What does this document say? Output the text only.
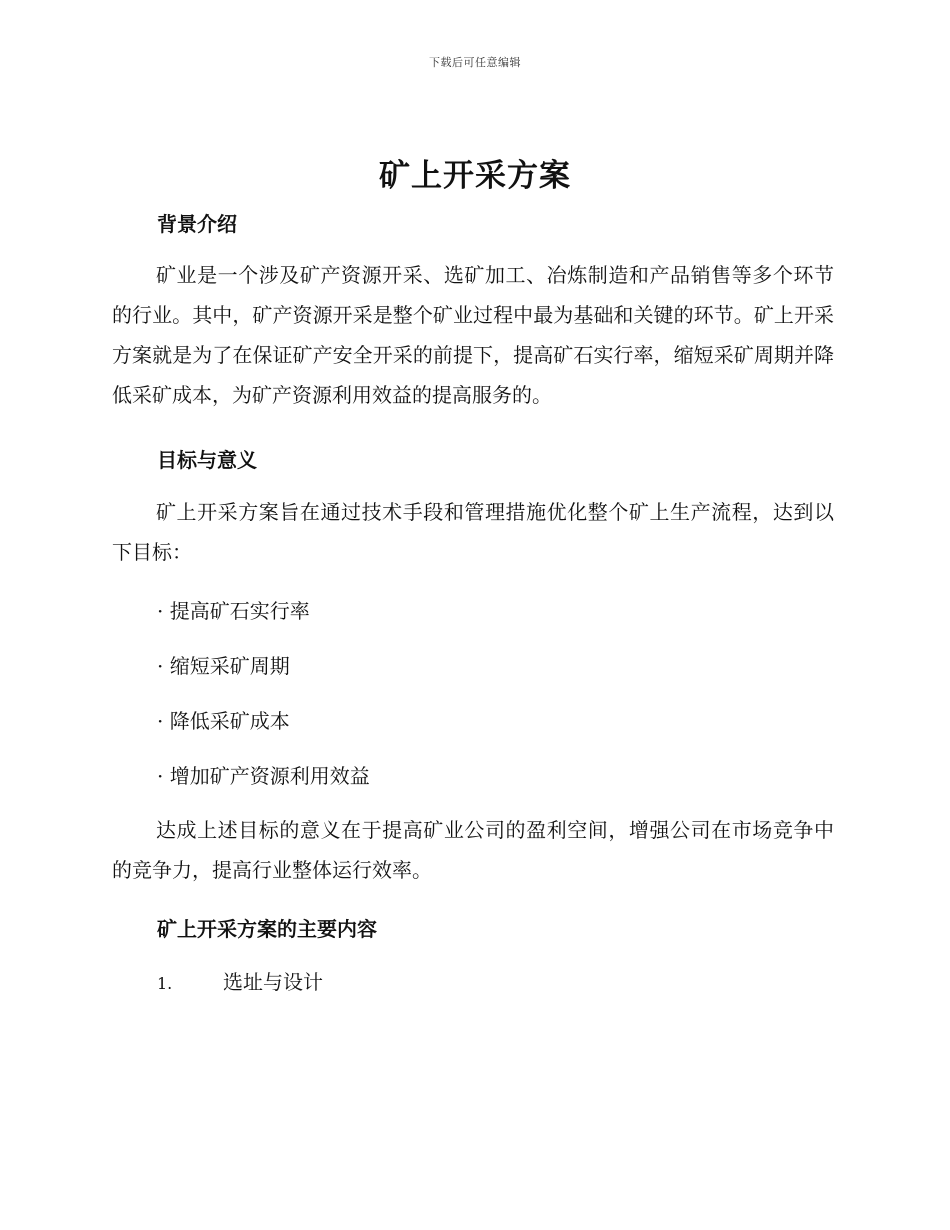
下载后可任意编辑
矿上开采方案
背景介绍
矿业是一个涉及矿产资源开采、选矿加工、冶炼制造和产品销售等多个环节的行业。其中，矿产资源开采是整个矿业过程中最为基础和关键的环节。矿上开采方案就是为了在保证矿产安全开采的前提下，提高矿石实行率，缩短采矿周期并降低采矿成本，为矿产资源利用效益的提高服务的。
目标与意义
矿上开采方案旨在通过技术手段和管理措施优化整个矿上生产流程，达到以下目标：
· 提高矿石实行率
· 缩短采矿周期
· 降低采矿成本
· 增加矿产资源利用效益
达成上述目标的意义在于提高矿业公司的盈利空间，增强公司在市场竞争中的竞争力，提高行业整体运行效率。
矿上开采方案的主要内容
1.	选址与设计
